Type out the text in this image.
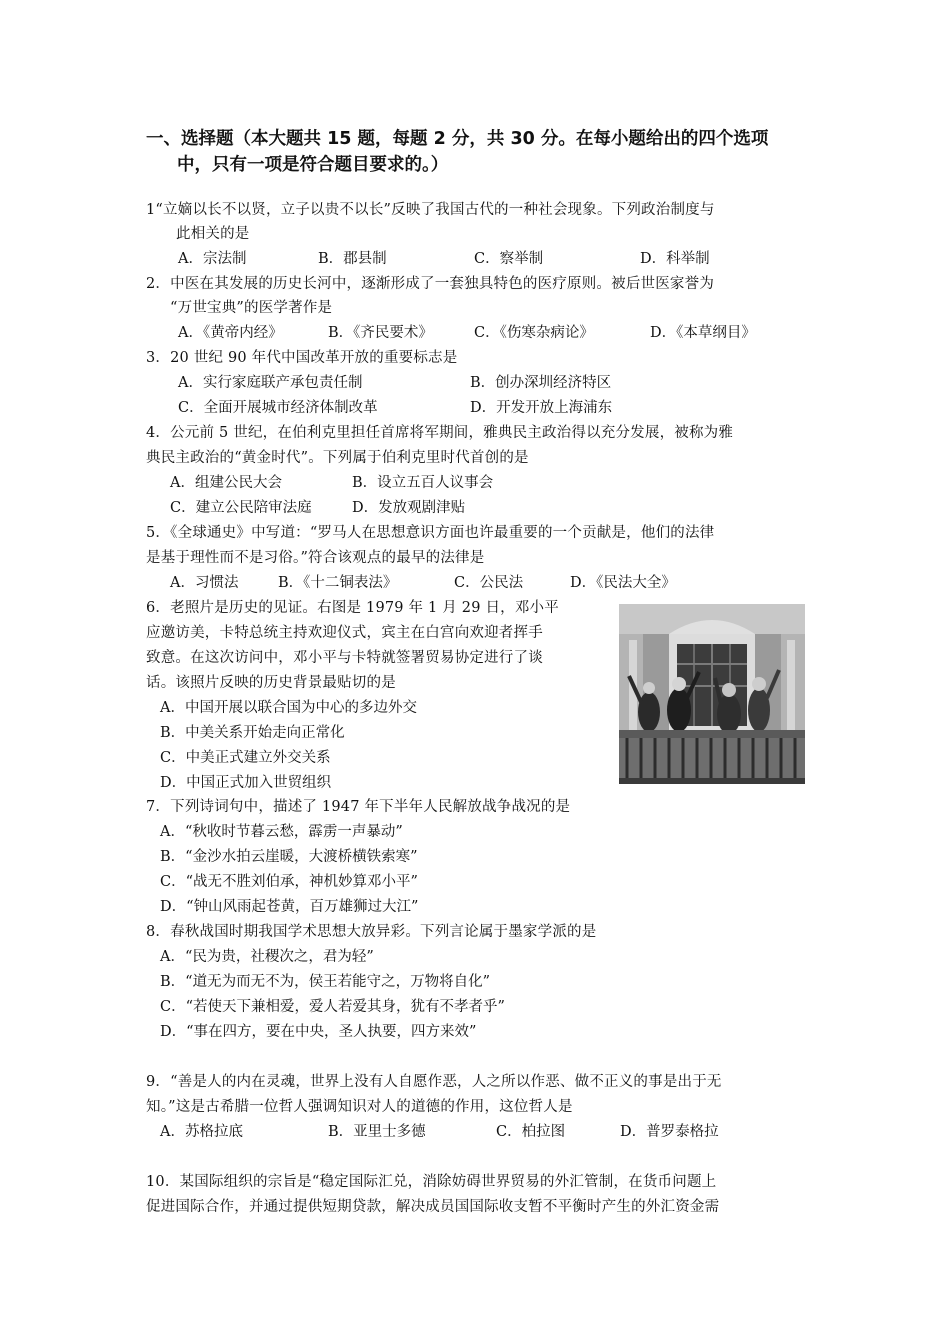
一、选择题（本大题共 15 题，每题 2 分，共 30 分。在每小题给出的四个选项
中，只有一项是符合题目要求的。）
1“立嫡以长不以贤，立子以贵不以长”反映了我国古代的一种社会现象。下列政治制度与
此相关的是
A．宗法制	B．郡县制	C．察举制	D．科举制
2．中医在其发展的历史长河中，逐渐形成了一套独具特色的医疗原则。被后世医家誉为
“万世宝典”的医学著作是
A．《黄帝内经》	B．《齐民要术》	C．《伤寒杂病论》	D．《本草纲目》
3．20 世纪 90 年代中国改革开放的重要标志是
A．实行家庭联产承包责任制	B．创办深圳经济特区
C．全面开展城市经济体制改革	D．开发开放上海浦东
4．公元前 5 世纪，在伯利克里担任首席将军期间，雅典民主政治得以充分发展，被称为雅
典民主政治的“黄金时代”。下列属于伯利克里时代首创的是
A．组建公民大会	B．设立五百人议事会
C．建立公民陪审法庭	D．发放观剧津贴
5．《全球通史》中写道：“罗马人在思想意识方面也许最重要的一个贡献是，他们的法律
是基于理性而不是习俗。”符合该观点的最早的法律是
A．习惯法	B．《十二铜表法》	C．公民法	D．《民法大全》
6．老照片是历史的见证。右图是 1979 年 1 月 29 日，邓小平
应邀访美，卡特总统主持欢迎仪式，宾主在白宫向欢迎者挥手
致意。在这次访问中，邓小平与卡特就签署贸易协定进行了谈
话。该照片反映的历史背景最贴切的是
A．中国开展以联合国为中心的多边外交
B．中美关系开始走向正常化
C．中美正式建立外交关系
D．中国正式加入世贸组织
7．下列诗词句中，描述了 1947 年下半年人民解放战争战况的是
A．“秋收时节暮云愁，霹雳一声暴动”
B．“金沙水拍云崖暖，大渡桥横铁索寒”
C．“战无不胜刘伯承，神机妙算邓小平”
D．“钟山风雨起苍黄，百万雄狮过大江”
8．春秋战国时期我国学术思想大放异彩。下列言论属于墨家学派的是
A．“民为贵，社稷次之，君为轻”
B．“道无为而无不为，侯王若能守之，万物将自化”
C．“若使天下兼相爱，爱人若爱其身，犹有不孝者乎”
D．“事在四方，要在中央，圣人执要，四方来效”
9．“善是人的内在灵魂，世界上没有人自愿作恶，人之所以作恶、做不正义的事是出于无
知。”这是古希腊一位哲人强调知识对人的道德的作用，这位哲人是
A．苏格拉底	B．亚里士多德	C．柏拉图	D．普罗泰格拉
10．某国际组织的宗旨是“稳定国际汇兑，消除妨碍世界贸易的外汇管制，在货币问题上
促进国际合作，并通过提供短期贷款，解决成员国国际收支暂不平衡时产生的外汇资金需
